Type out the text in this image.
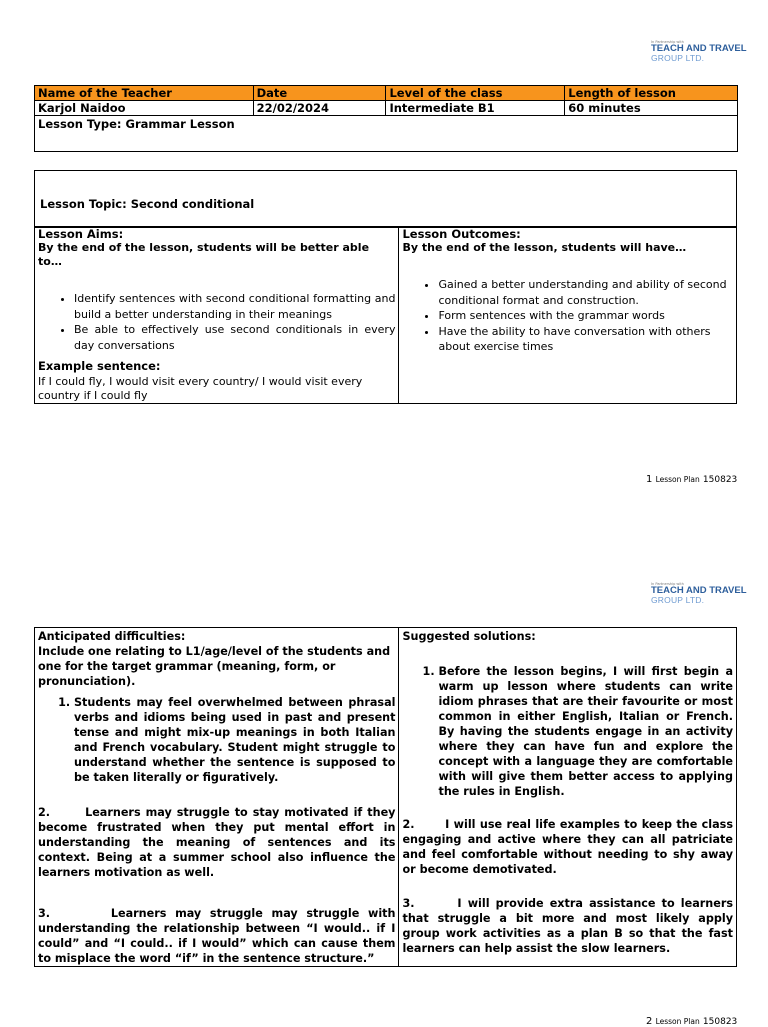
In Partnership with
TEACH AND TRAVEL
GROUP LTD.
Name of the Teacher	Date	Level of the class	Length of lesson
Karjol Naidoo	22/02/2024	Intermediate B1	60 minutes
Lesson Type: Grammar Lesson			
Lesson Topic: Second conditional
Lesson Aims:
By the end of the lesson, students will be better able to…
• Identify sentences with second conditional formatting and build a better understanding in their meanings
• Be able to effectively use second conditionals in every day conversations
Example sentence:
If I could fly, I would visit every country/ I would visit every country if I could fly

Lesson Outcomes:
By the end of the lesson, students will have…
• Gained a better understanding and ability of second conditional format and construction.
• Form sentences with the grammar words
• Have the ability to have conversation with others about exercise times
1 Lesson Plan 150823
In Partnership with
TEACH AND TRAVEL
GROUP LTD.
Anticipated difficulties:
Include one relating to L1/age/level of the students and one for the target grammar (meaning, form, or pronunciation).
1. Students may feel overwhelmed between phrasal verbs and idioms being used in past and present tense and might mix-up meanings in both Italian and French vocabulary. Student might struggle to understand whether the sentence is supposed to be taken literally or figuratively.
2.	Learners may struggle to stay motivated if they become frustrated when they put mental effort in understanding the meaning of sentences and its context. Being at a summer school also influence the learners motivation as well.
3.	Learners may struggle may struggle with understanding the relationship between “I would.. if I could” and “I could.. if I would” which can cause them to misplace the word “if” in the sentence structure.”

Suggested solutions:
1. Before the lesson begins, I will first begin a warm up lesson where students can write idiom phrases that are their favourite or most common in either English, Italian or French. By having the students engage in an activity where they can have fun and explore the concept with a language they are comfortable with will give them better access to applying the rules in English.
2.	I will use real life examples to keep the class engaging and active where they can all patriciate and feel comfortable without needing to shy away or become demotivated.
3.	I will provide extra assistance to learners that struggle a bit more and most likely apply group work activities as a plan B so that the fast learners can help assist the slow learners.
2 Lesson Plan 150823
